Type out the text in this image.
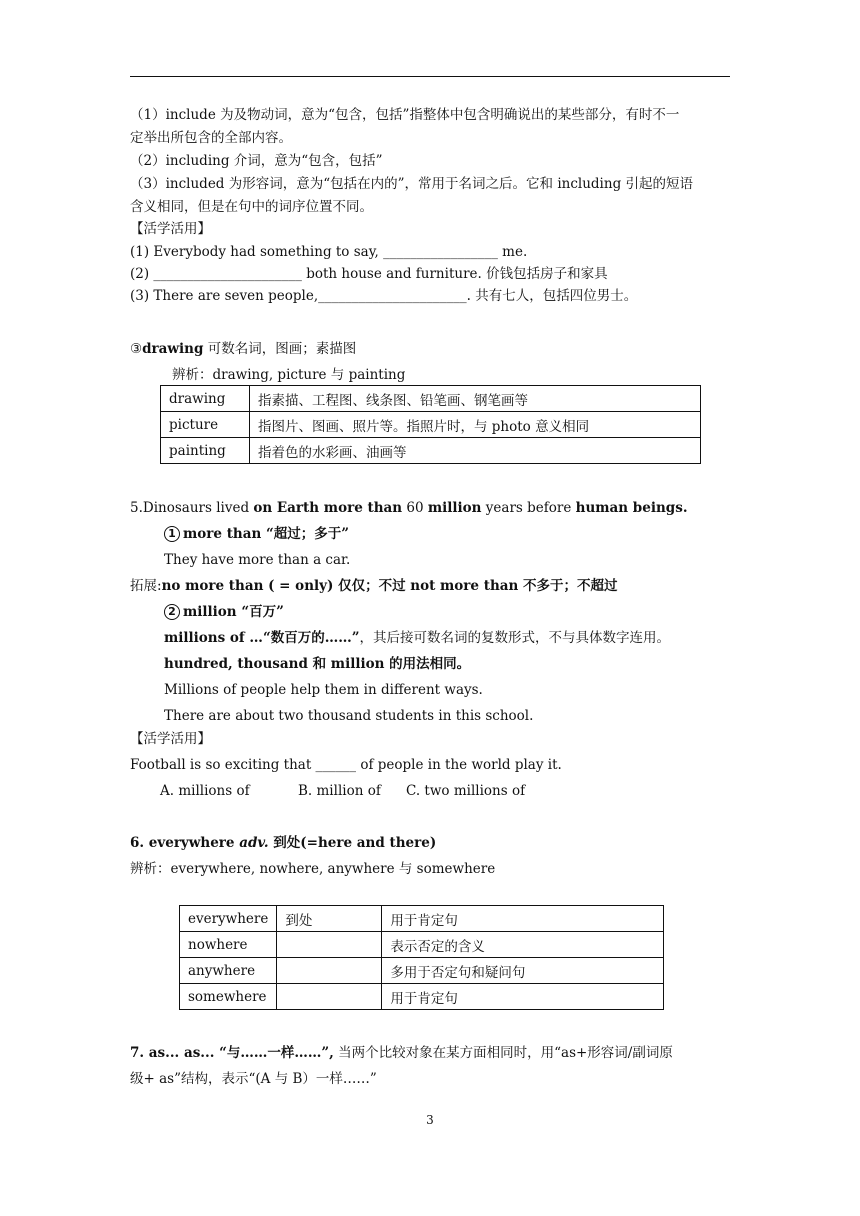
（1）include 为及物动词，意为“包含，包括”指整体中包含明确说出的某些部分，有时不一
定举出所包含的全部内容。
（2）including 介词，意为“包含，包括”
（3）included 为形容词，意为“包括在内的”，常用于名词之后。它和 including 引起的短语
含义相同，但是在句中的词序位置不同。
【活学活用】
(1) Everybody had something to say, _________________ me.
(2) ______________________ both house and furniture. 价钱包括房子和家具
(3) There are seven people,______________________. 共有七人，包括四位男士。
③drawing 可数名词，图画；素描图
辨析：drawing, picture 与 painting
drawing	指素描、工程图、线条图、铅笔画、钢笔画等
picture	指图片、图画、照片等。指照片时，与 photo 意义相同
painting	指着色的水彩画、油画等
5.Dinosaurs lived on Earth more than 60 million years before human beings.
1 more than “超过；多于”
They have more than a car.
拓展:no more than ( = only) 仅仅；不过 not more than 不多于；不超过
2 million “百万”
millions of …“数百万的……”，其后接可数名词的复数形式，不与具体数字连用。
hundred, thousand 和 million 的用法相同。
Millions of people help them in different ways.
There are about two thousand students in this school.
【活学活用】
Football is so exciting that ______ of people in the world play it.
A. millions of	B. million of C. two millions of
6. everywhere adv. 到处(=here and there)
辨析：everywhere, nowhere, anywhere 与 somewhere
everywhere	到处	用于肯定句
nowhere		表示否定的含义
anywhere		多用于否定句和疑问句
somewhere		用于肯定句
7. as... as... “与……一样……”, 当两个比较对象在某方面相同时，用“as+形容词/副词原
级+ as”结构，表示“(A 与 B）一样……”
3
